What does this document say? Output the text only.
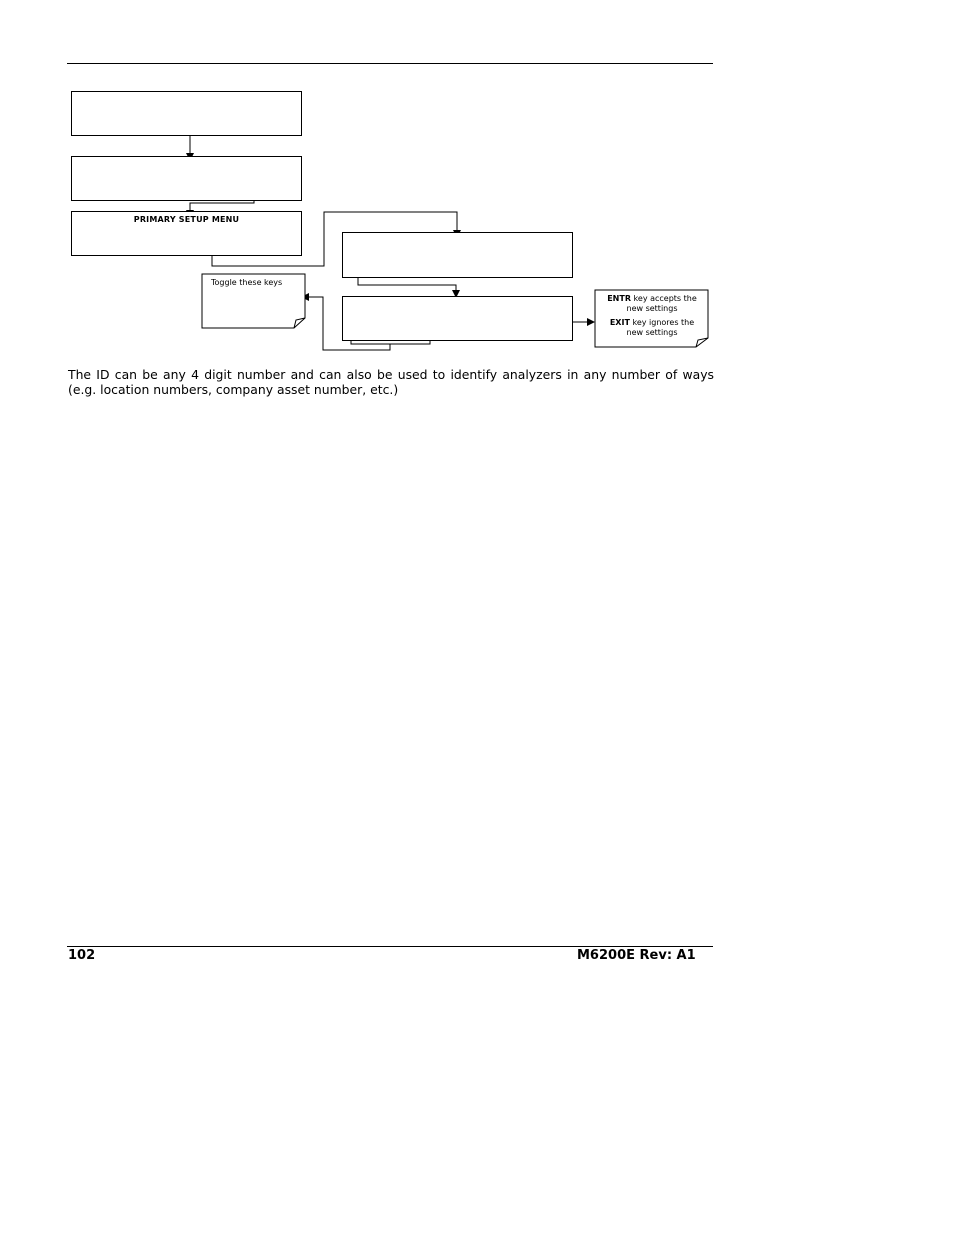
PRIMARY SETUP MENU
Toggle these keys
ENTR key accepts the
new settings
EXIT key ignores the
new settings
The ID can be any 4 digit number and can also be used to identify analyzers in any number of ways (e.g. location numbers, company asset number, etc.)
102	M6200E Rev: A1
